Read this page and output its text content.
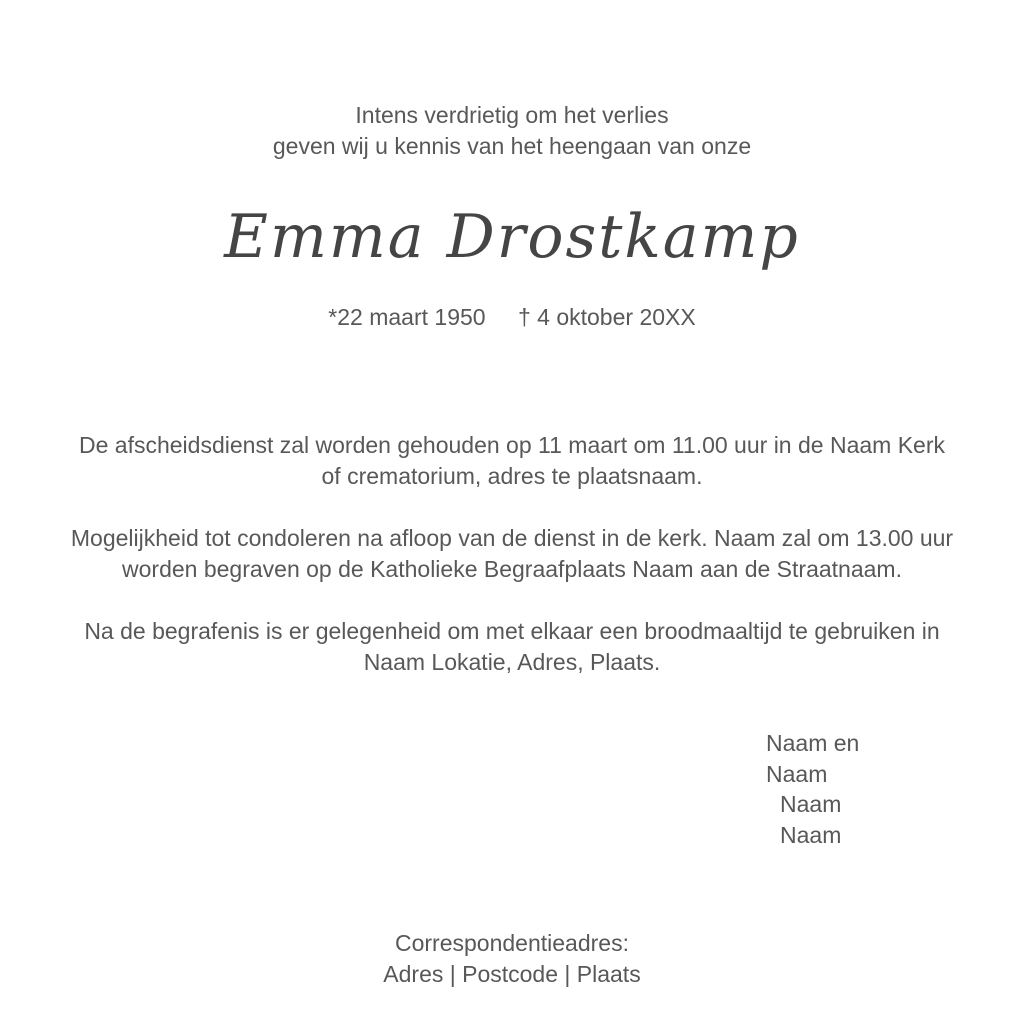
Intens verdrietig om het verlies
geven wij u kennis van het heengaan van onze
Emma Drostkamp
*22 maart 1950 † 4 oktober 20XX

De afscheidsdienst zal worden gehouden op 11 maart om 11.00 uur in de Naam Kerk of crematorium, adres te plaatsnaam.

Mogelijkheid tot condoleren na afloop van de dienst in de kerk. Naam zal om 13.00 uur worden begraven op de Katholieke Begraafplaats Naam aan de Straatnaam.

Na de begrafenis is er gelegenheid om met elkaar een broodmaaltijd te gebruiken in Naam Lokatie, Adres, Plaats.

Naam en
Naam
Naam
Naam
Correspondentieadres:
Adres | Postcode | Plaats
